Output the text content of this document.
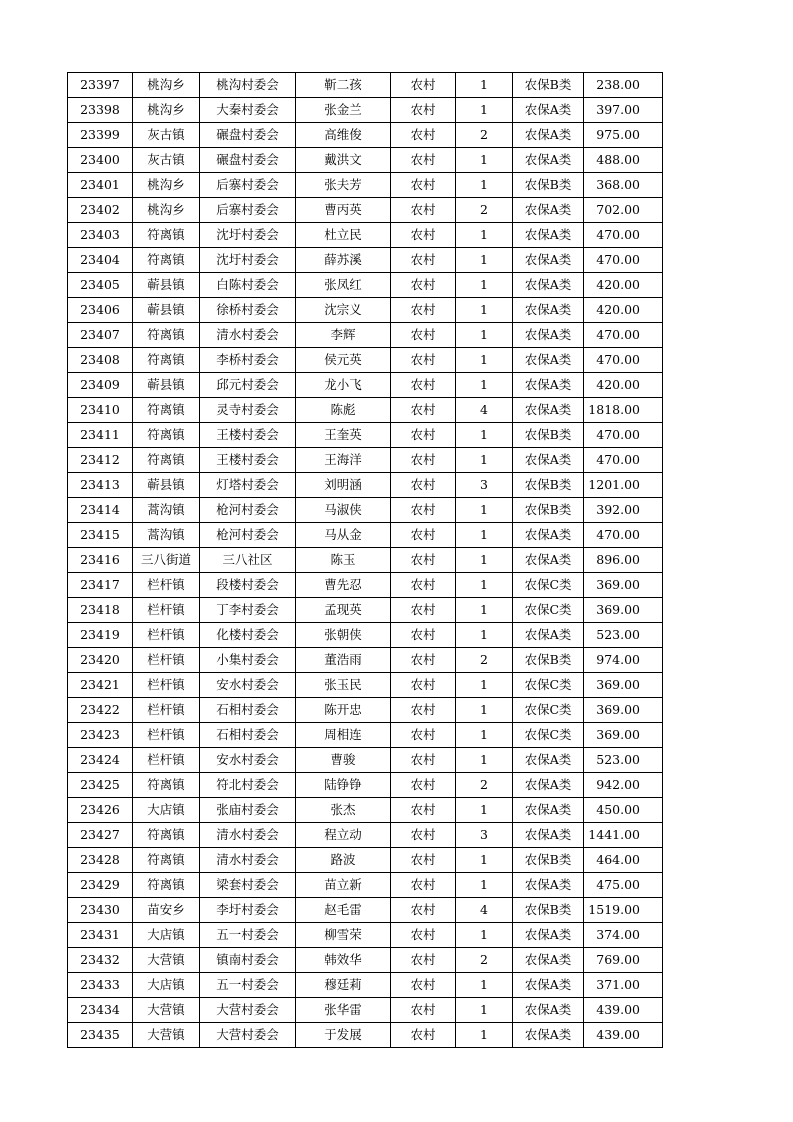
23397	桃沟乡	桃沟村委会	靳二孩	农村	1	农保B类	238.00
23398	桃沟乡	大秦村委会	张金兰	农村	1	农保A类	397.00
23399	灰古镇	碾盘村委会	高维俊	农村	2	农保A类	975.00
23400	灰古镇	碾盘村委会	戴洪文	农村	1	农保A类	488.00
23401	桃沟乡	后寨村委会	张夫芳	农村	1	农保B类	368.00
23402	桃沟乡	后寨村委会	曹丙英	农村	2	农保A类	702.00
23403	符离镇	沈圩村委会	杜立民	农村	1	农保A类	470.00
23404	符离镇	沈圩村委会	薛苏溪	农村	1	农保A类	470.00
23405	蕲县镇	白陈村委会	张凤红	农村	1	农保A类	420.00
23406	蕲县镇	徐桥村委会	沈宗义	农村	1	农保A类	420.00
23407	符离镇	清水村委会	李辉	农村	1	农保A类	470.00
23408	符离镇	李桥村委会	侯元英	农村	1	农保A类	470.00
23409	蕲县镇	邱元村委会	龙小飞	农村	1	农保A类	420.00
23410	符离镇	灵寺村委会	陈彪	农村	4	农保A类	1818.00
23411	符离镇	王楼村委会	王奎英	农村	1	农保B类	470.00
23412	符离镇	王楼村委会	王海洋	农村	1	农保A类	470.00
23413	蕲县镇	灯塔村委会	刘明涵	农村	3	农保B类	1201.00
23414	蒿沟镇	枪河村委会	马淑侠	农村	1	农保B类	392.00
23415	蒿沟镇	枪河村委会	马从金	农村	1	农保A类	470.00
23416	三八街道	三八社区	陈玉	农村	1	农保A类	896.00
23417	栏杆镇	段楼村委会	曹先忍	农村	1	农保C类	369.00
23418	栏杆镇	丁李村委会	孟现英	农村	1	农保C类	369.00
23419	栏杆镇	化楼村委会	张朝侠	农村	1	农保A类	523.00
23420	栏杆镇	小集村委会	董浩雨	农村	2	农保B类	974.00
23421	栏杆镇	安水村委会	张玉民	农村	1	农保C类	369.00
23422	栏杆镇	石相村委会	陈开忠	农村	1	农保C类	369.00
23423	栏杆镇	石相村委会	周相连	农村	1	农保C类	369.00
23424	栏杆镇	安水村委会	曹骏	农村	1	农保A类	523.00
23425	符离镇	符北村委会	陆铮铮	农村	2	农保A类	942.00
23426	大店镇	张庙村委会	张杰	农村	1	农保A类	450.00
23427	符离镇	清水村委会	程立动	农村	3	农保A类	1441.00
23428	符离镇	清水村委会	路波	农村	1	农保B类	464.00
23429	符离镇	梁套村委会	苗立新	农村	1	农保A类	475.00
23430	苗安乡	李圩村委会	赵毛雷	农村	4	农保B类	1519.00
23431	大店镇	五一村委会	柳雪荣	农村	1	农保A类	374.00
23432	大营镇	镇南村委会	韩效华	农村	2	农保A类	769.00
23433	大店镇	五一村委会	穆廷莉	农村	1	农保A类	371.00
23434	大营镇	大营村委会	张华雷	农村	1	农保A类	439.00
23435	大营镇	大营村委会	于发展	农村	1	农保A类	439.00
